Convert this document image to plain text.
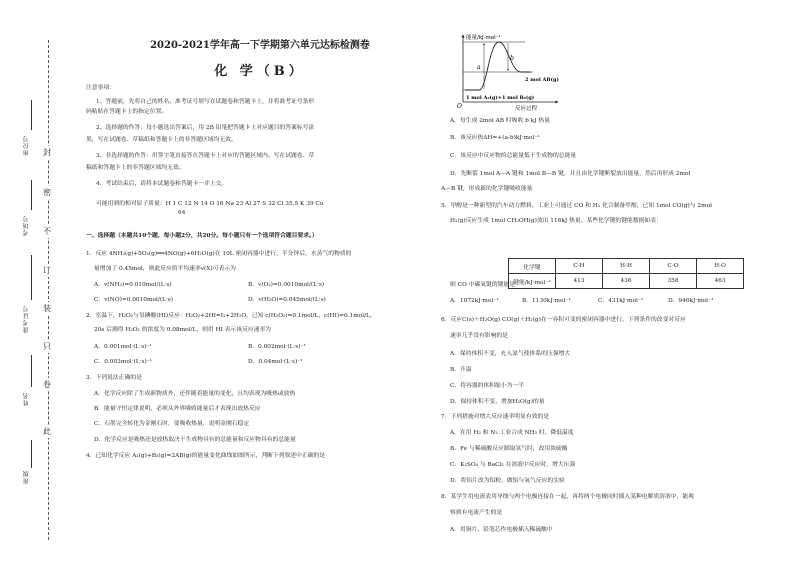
班级
姓名
准考证号
考场号
座位号
此
卷
只
装
订
不
密
封
2020-2021学年高一下学期第六单元达标检测卷
化 学（B）
注意事项：
1、答题前，先将自己的姓名、准考证号填写在试题卷和答题卡上，并将准考证号条形
码粘贴在答题卡上的指定位置。
2、选择题的作答：每小题选出答案后，用 2B 铅笔把答题卡上对应题目的答案标号涂
黑，写在试题卷、草稿纸和答题卡上的非答题区域均无效。
3、非选择题的作答：用签字笔直接答在答题卡上对应的答题区域内。写在试题卷、草
稿纸和答题卡上的非答题区域均无效。
4、考试结束后，请将本试题卷和答题卡一并上交。
可能用到的相对原子质量：H 1 C 12 N 14 O 16 Na 23 Al 27 S 32 Cl 35.5 K 39 Cu
64
一、选择题（本题共10个题，每小题2分，共20分。每小题只有一个选项符合题目要求。）
1．反应 4NH₃(g)+5O₂(g)══4NO(g)+6H₂O(g)在 10L 密闭容器中进行，半分钟后，水蒸气的物质的
量增加了 0.45mol，则此反应的平均速率v(X)可表示为
A．v(NH₃)=0.010mol/(L·s)	B．v(O₂)=0.0010mol/(L·s)
C．v(NO)=0.0010mol/(L·s)	D．v(H₂O)=0.045mol/(L·s)
2．室温下，H₂O₂与氢碘酸(HI)反应：H₂O₂+2HI=I₂+2H₂O，已知 c(H₂O₂)=0.1mol/L，c(HI)=0.1mol/L，
20s 后测得 H₂O₂ 的浓度为 0.08mol/L，则用 HI 表示该反应速率为
A．0.001mol·(L·s)⁻¹	B．0.002mol·(L·s)⁻¹
C．0.003mol·(L·s)⁻¹	D．0.04mol·(L·s)⁻¹
3．下列说法正确的是
A．化学反应除了生成新物质外，还伴随着能量的变化，且均表现为吸热或放热
B．能量守恒定律说明，必须从外界吸收能量后才表现出放热反应
C．石墨完全转化为金刚石时，要吸收热量，说明金刚石稳定
D．化学反应是吸热还是放热取决于生成物具有的总能量和反应物具有的总能量
4．已知化学反应 A₂(g)+B₂(g)=2AB(g)的能量变化曲线如图所示，判断下列叙述中正确的是
能量/kJ·mol⁻¹
反应过程
O
a
b
2 mol AB(g)
1 mol A₂(g)+1 mol B₂(g)
A．每生成 2mol AB 时吸收 b kJ 热量
B．该反应热ΔH=+(a-b)kJ·mol⁻¹
C．该反应中反应物的总能量低于生成物的总能量
D．先断裂 1mol A—A 键和 1mol B—B 键，并且由化学键断裂放出能量，然后再形成 2mol
A—B 键，形成新的化学键吸收能量
5．甲醇是一种新型的汽车动力燃料，工业上可通过 CO 和 H₂ 化合制备甲醇，已知 1mol CO(g)与 2mol
H₂(g)反应生成 1mol CH₃OH(g)放出 116kJ 热量。某些化学键的键能数据如表：
化学键	C-H	H-H	C-O	H-O
键能/kJ·mol⁻¹	413	436	358	463
则 CO 中碳氧键的键能是
A．1072kJ·mol⁻¹	B．1130kJ·mol⁻¹	C．431kJ·mol⁻¹	D．946kJ·mol⁻¹
6．反应C(s)＋H₂O(g) CO(g)＋H₂(g)在一容积可变的密闭容器中进行，下列条件的改变对反应
速率几乎没有影响的是
A．保持体积不变，充入氮气使体系的压强增大
B．升温
C．将容器的体积缩小为一半
D．保持体积不变，增加H₂O(g)的量
7．下列措施对增大反应速率明显有效的是
A．在用 H₂ 和 N₂ 工业合成 NH₃ 时，降低温度
B．Fe 与稀硫酸反应制取氢气时，改用浓硫酸
C．K₂SO₄ 与 BaCl₂ 在溶液中反应时，增大压强
D．将铝片改为铝粉，做铝与氧气反应的实验
8．某学生用电流表用导线与两个电极连接在一起，再将两个电极同时插入某种电解质溶液中，能观
察到有电流产生的是
A．用铜片、铅笔芯作电极插入稀硫酸中
